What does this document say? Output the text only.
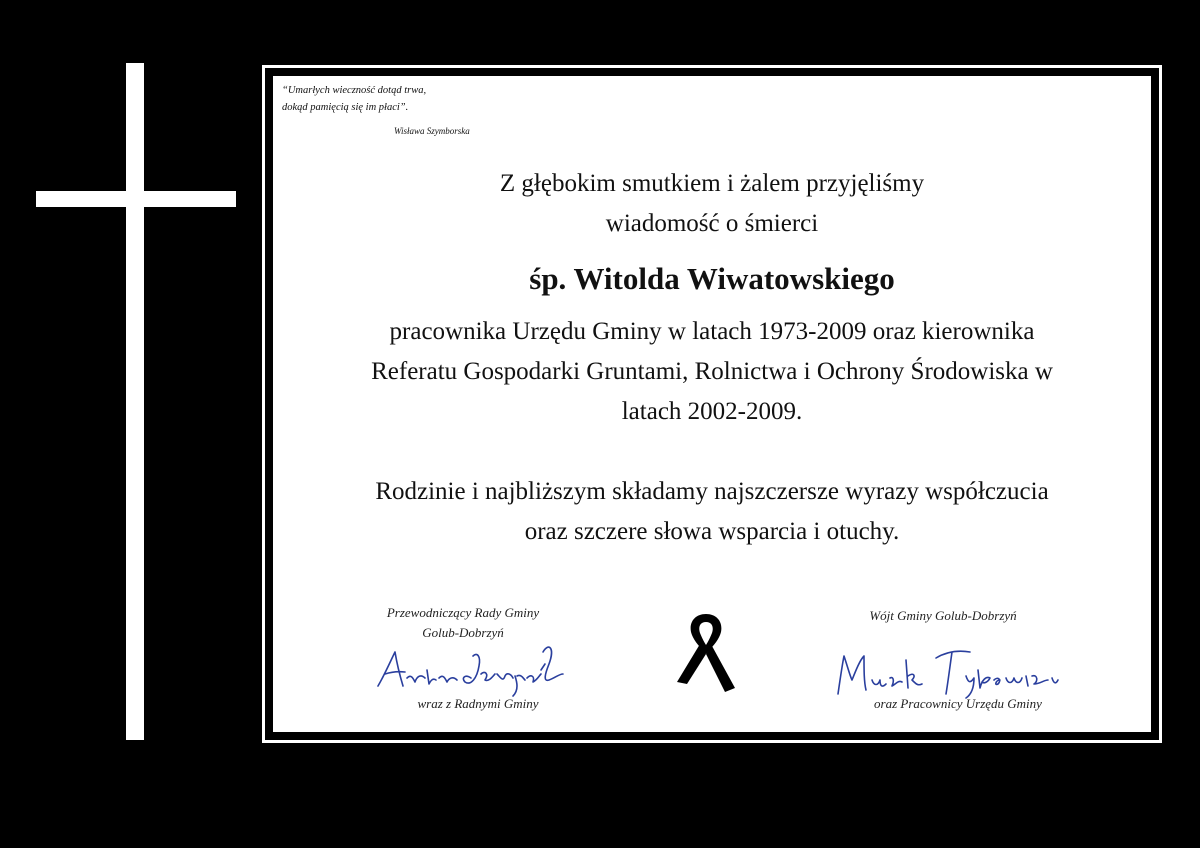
“Umarłych wieczność dotąd trwa,
dokąd pamięcią się im płaci”.
Wisława Szymborska
Z głębokim smutkiem i żalem przyjęliśmy
wiadomość o śmierci
śp. Witolda Wiwatowskiego
pracownika Urzędu Gminy w latach 1973-2009 oraz kierownika
Referatu Gospodarki Gruntami, Rolnictwa i Ochrony Środowiska w
latach 2002-2009.
Rodzinie i najbliższym składamy najszczersze wyrazy współczucia
oraz szczere słowa wsparcia i otuchy.
Przewodniczący Rady Gminy
Golub-Dobrzyń
wraz z Radnymi Gminy
Wójt Gminy Golub-Dobrzyń
oraz Pracownicy Urzędu Gminy
